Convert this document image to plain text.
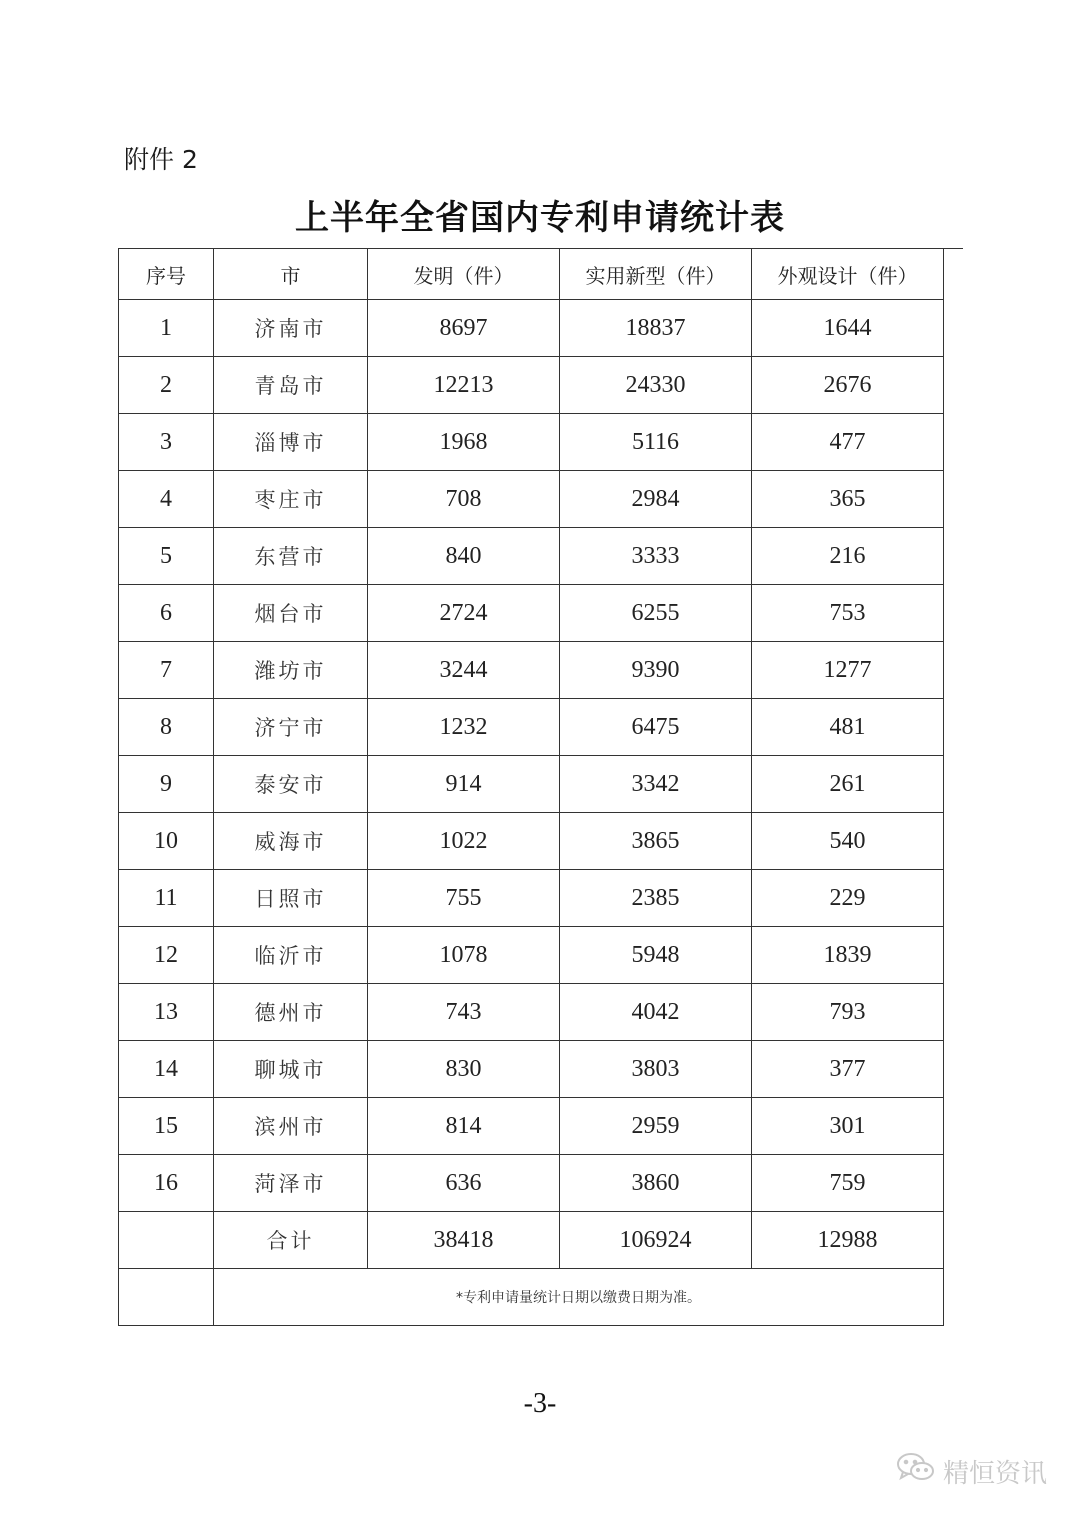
附件 2
上半年全省国内专利申请统计表
序号	市	发明（件）	实用新型（件）	外观设计（件）
1	济南市	8697	18837	1644
2	青岛市	12213	24330	2676
3	淄博市	1968	5116	477
4	枣庄市	708	2984	365
5	东营市	840	3333	216
6	烟台市	2724	6255	753
7	潍坊市	3244	9390	1277
8	济宁市	1232	6475	481
9	泰安市	914	3342	261
10	威海市	1022	3865	540
11	日照市	755	2385	229
12	临沂市	1078	5948	1839
13	德州市	743	4042	793
14	聊城市	830	3803	377
15	滨州市	814	2959	301
16	菏泽市	636	3860	759
	合计	38418	106924	12988
	*专利申请量统计日期以缴费日期为准。			
-3-
精恒资讯
